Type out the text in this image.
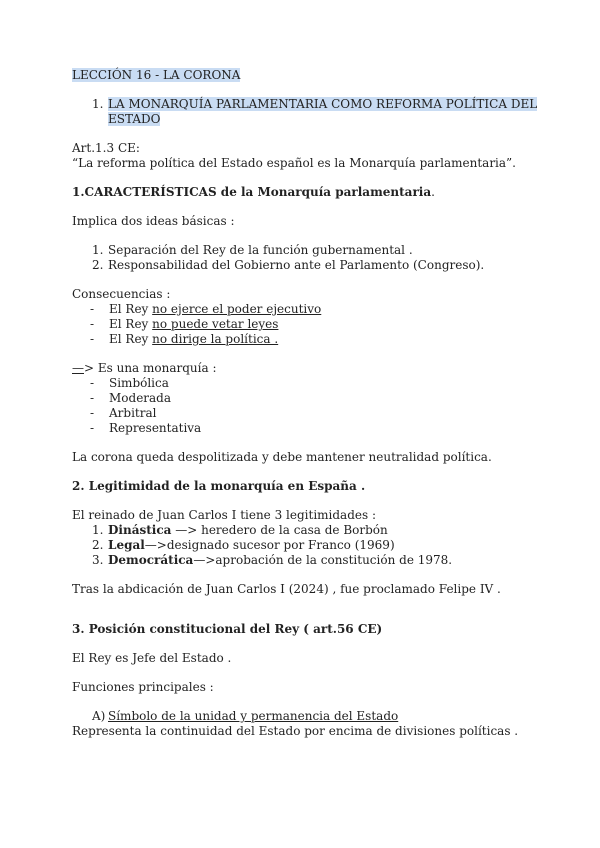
LECCIÓN 16 - LA CORONA
1. LA MONARQUÍA PARLAMENTARIA COMO REFORMA POLÍTICA DEL ESTADO
Art.1.3 CE:
“La reforma política del Estado español es la Monarquía parlamentaria”.
1.CARACTERÍSTICAS de la Monarquía parlamentaria.
Implica dos ideas básicas :
1. Separación del Rey de la función gubernamental .
2. Responsabilidad del Gobierno ante el Parlamento (Congreso).
Consecuencias :
-	El Rey no ejerce el poder ejecutivo
-	El Rey no puede vetar leyes
-	El Rey no dirige la política .
—> Es una monarquía :
-	Simbólica
-	Moderada
-	Arbitral
-	Representativa
La corona queda despolitizada y debe mantener neutralidad política.
2. Legitimidad de la monarquía en España .
El reinado de Juan Carlos I tiene 3 legitimidades :
1. Dinástica —> heredero de la casa de Borbón
2. Legal—>designado sucesor por Franco (1969)
3. Democrática—>aprobación de la constitución de 1978.
Tras la abdicación de Juan Carlos I (2024) , fue proclamado Felipe IV .
3. Posición constitucional del Rey ( art.56 CE)
El Rey es Jefe del Estado .
Funciones principales :
A) Símbolo de la unidad y permanencia del Estado
Representa la continuidad del Estado por encima de divisiones políticas .
